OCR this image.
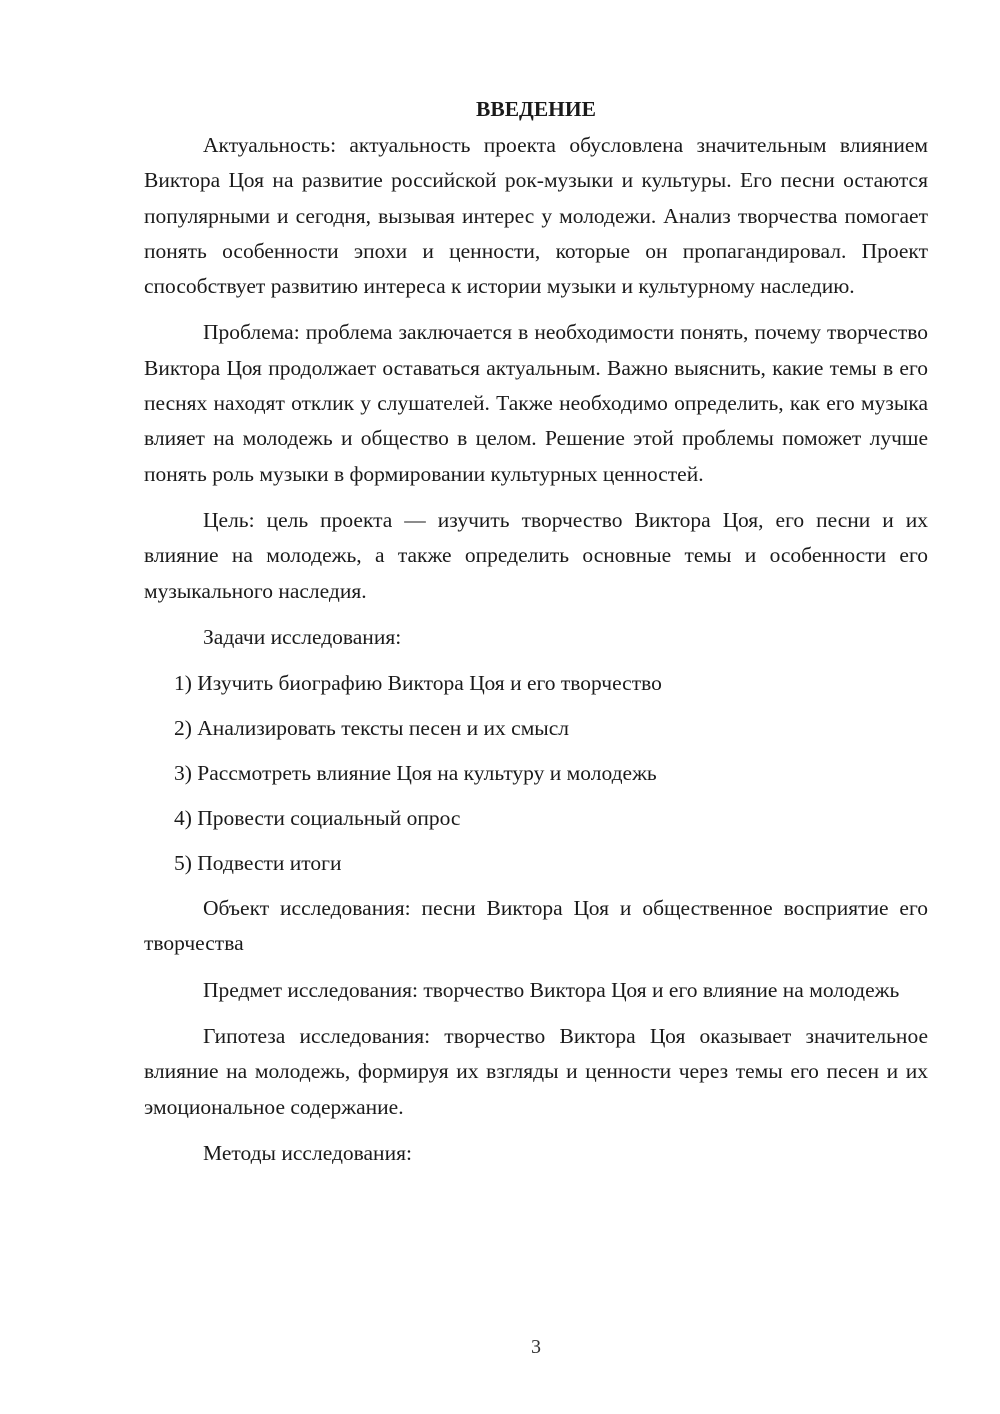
ВВЕДЕНИЕ

Актуальность: актуальность проекта обусловлена значительным влиянием Виктора Цоя на развитие российской рок-музыки и культуры. Его песни остаются популярными и сегодня, вызывая интерес у молодежи. Анализ творчества помогает понять особенности эпохи и ценности, которые он пропагандировал. Проект способствует развитию интереса к истории музыки и культурному наследию.

Проблема: проблема заключается в необходимости понять, почему творчество Виктора Цоя продолжает оставаться актуальным. Важно выяснить, какие темы в его песнях находят отклик у слушателей. Также необходимо определить, как его музыка влияет на молодежь и общество в целом. Решение этой проблемы поможет лучше понять роль музыки в формировании культурных ценностей.

Цель: цель проекта — изучить творчество Виктора Цоя, его песни и их влияние на молодежь, а также определить основные темы и особенности его музыкального наследия.

Задачи исследования:
1) Изучить биографию Виктора Цоя и его творчество
2) Анализировать тексты песен и их смысл
3) Рассмотреть влияние Цоя на культуру и молодежь
4) Провести социальный опрос
5) Подвести итоги

Объект исследования: песни Виктора Цоя и общественное восприятие его творчества

Предмет исследования: творчество Виктора Цоя и его влияние на молодежь

Гипотеза исследования: творчество Виктора Цоя оказывает значительное влияние на молодежь, формируя их взгляды и ценности через темы его песен и их эмоциональное содержание.

Методы исследования:
3
